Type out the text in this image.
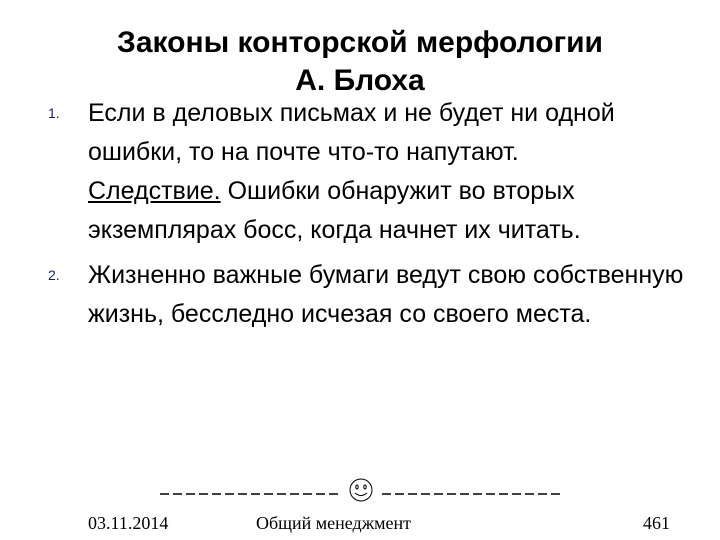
Законы конторской мерфологии
А. Блоха
1. Если в деловых письмах и не будет ни одной ошибки, то на почте что-то напутают.
Следствие. Ошибки обнаружит во вторых экземплярах босс, когда начнет их читать.
2. Жизненно важные бумаги ведут свою собственную жизнь, бесследно исчезая со своего места.
03.11.2014	Общий менеджмент	461
